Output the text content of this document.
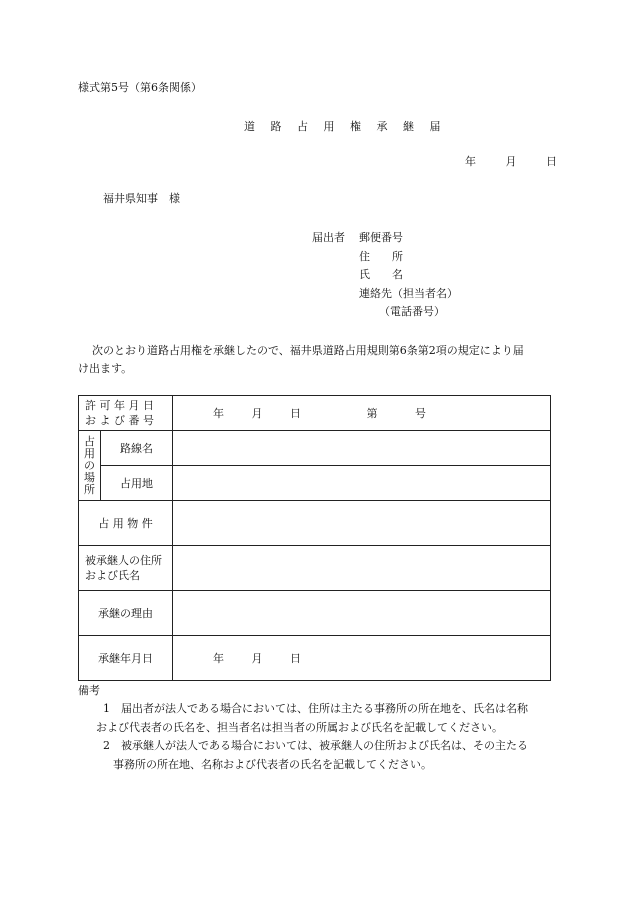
様式第5号（第6条関係）
道 路 占 用 権 承 継 届
年	月	日
福井県知事　様
届出者 郵便番号
住　　所
氏　　名
連絡先（担当者名）
（電話番号）
次のとおり道路占用権を承継したので、福井県道路占用規則第6条第2項の規定により届
け出ます。
許 可 年 月 日
お よ び 番 号		年 月 日 第 号
占用の場所	路線名	
	占用地	
占 用 物 件		

被承継人の住所
および氏名		

承継の理由		
承継年月日		年 月 日
備考
1　届出者が法人である場合においては、住所は主たる事務所の所在地を、氏名は名称
および代表者の氏名を、担当者名は担当者の所属および氏名を記載してください。
2　被承継人が法人である場合においては、被承継人の住所および氏名は、その主たる
事務所の所在地、名称および代表者の氏名を記載してください。
